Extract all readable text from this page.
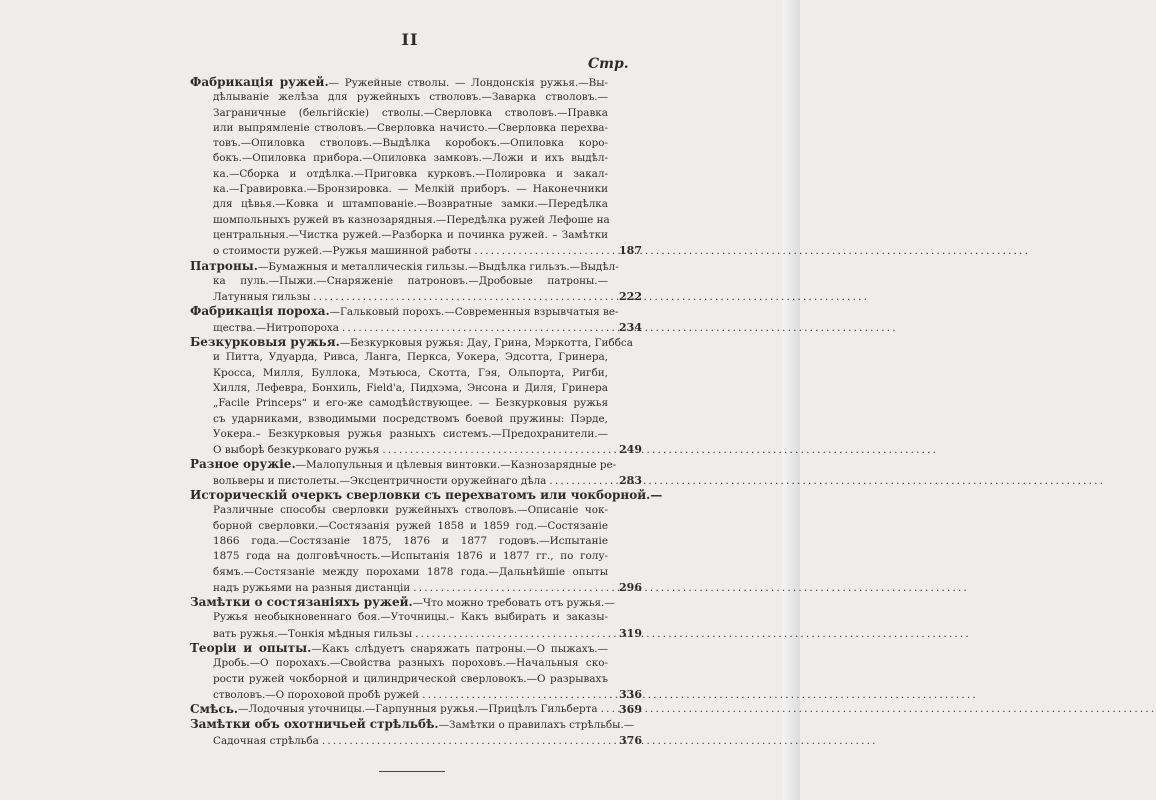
II
Стр.
Фабрикація ружей.— Ружейные стволы. — Лондонскія ружья.—Вы-
дѣлываніе желѣза для ружейныхъ стволовъ.—Заварка стволовъ.—
Заграничные (бельгійскіе) стволы.—Сверловка стволовъ.—Правка
или выпрямленіе стволовъ.—Сверловка начисто.—Сверловка перехва-
товъ.—Опиловка стволовъ.—Выдѣлка коробокъ.—Опиловка коро-
бокъ.—Опиловка прибора.—Опиловка замковъ.—Ложи и ихъ выдѣл-
ка.—Сборка и отдѣлка.—Приговка курковъ.—Полировка и закал-
ка.—Гравировка.—Бронзировка. — Мелкій приборъ. — Наконечники
для цѣвья.—Ковка и штампованіе.—Возвратные замки.—Передѣлка
шомпольныхъ ружей въ казнозарядныя.—Передѣлка ружей Лефоше на
центральныя.—Чистка ружей.—Разборка и починка ружей. – Замѣтки
о стоимости ружей.—Ружья машинной работы .....	187
Патроны.—Бумажныя и металлическія гильзы.—Выдѣлка гильзъ.—Выдѣл-
ка пуль.—Пыжи.—Снаряженіе патроновъ.—Дробовые патроны.—
Латунныя гильзы .....	222
Фабрикація пороха.—Гальковый порохъ.—Современныя взрывчатыя ве-
щества.—Нитропороха .....	234
Безкурковыя ружья.—Безкурковыя ружья: Дау, Грина, Мэркотта, Гиббса
и Питта, Удуарда, Ривса, Ланга, Перкса, Уокера, Эдсотта, Гринера,
Кросса, Милля, Буллока, Мэтьюса, Скотта, Гэя, Ольпорта, Ригби,
Хилля, Лефевра, Бонхиль, Field'а, Пидхэма, Энсона и Диля, Гринера
„Facile Princeps“ и его-же самодѣйствующее. — Безкурковыя ружья
съ ударниками, взводимыми посредствомъ боевой пружины: Пэрде,
Уокера.– Безкурковыя ружья разныхъ системъ.—Предохранители.—
О выборѣ безкурковаго ружья .....	249
Разное оружіе.—Малопульныя и цѣлевыя винтовки.—Казнозарядные ре-
вольверы и пистолеты.—Эксцентричности оружейнаго дѣла .....	283
Историческій очеркъ сверловки съ перехватомъ или чокборной.—
Различные способы сверловки ружейныхъ стволовъ.—Описаніе чок-
борной сверловки.—Состязанія ружей 1858 и 1859 год.—Состязаніе
1866 года.—Состязаніе 1875, 1876 и 1877 годовъ.—Испытаніе
1875 года на долговѣчность.—Испытанія 1876 и 1877 гг., по голу-
бямъ.—Состязаніе между порохами 1878 года.—Дальнѣйшіе опыты
надъ ружьями на разныя дистанціи .....	296
Замѣтки о состязаніяхъ ружей.—Что можно требовать отъ ружья.—
Ружья необыкновеннаго боя.—Уточницы.– Какъ выбирать и заказы-
вать ружья.—Тонкія мѣдныя гильзы .....	319
Теоріи и опыты.—Какъ слѣдуетъ снаряжать патроны.—О пыжахъ.—
Дробь.—О порохахъ.—Свойства разныхъ пороховъ.—Начальныя ско-
рости ружей чокборной и цилиндрической сверловокъ.—О разрывахъ
стволовъ.—О пороховой пробѣ ружей .....	336
Смѣсь. —Лодочныя уточницы.—Гарпунныя ружья.—Прицѣлъ Гильберта .....	369
Замѣтки объ охотничьей стрѣльбѣ.—Замѣтки о правилахъ стрѣльбы.—
Садочная стрѣльба .....	376
